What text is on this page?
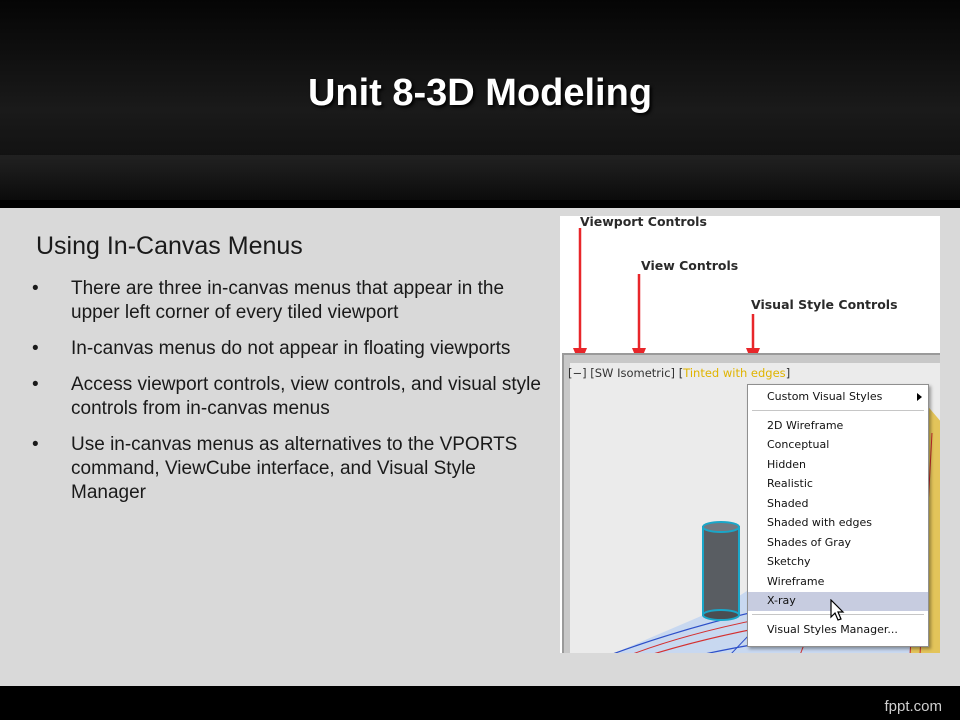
Unit 8-3D Modeling
Using In-Canvas Menus
• There are three in-canvas menus that appear in the upper left corner of every tiled viewport
• In-canvas menus do not appear in floating viewports
• Access viewport controls, view controls, and visual style controls from in-canvas menus
• Use in-canvas menus as alternatives to the VPORTS command, ViewCube interface, and Visual Style Manager
Viewport Controls
View Controls
Visual Style Controls
[−] [SW Isometric] [Tinted with edges]
Custom Visual Styles
2D Wireframe
Conceptual
Hidden
Realistic
Shaded
Shaded with edges
Shades of Gray
Sketchy
Wireframe
X-ray
Visual Styles Manager...
fppt.com
